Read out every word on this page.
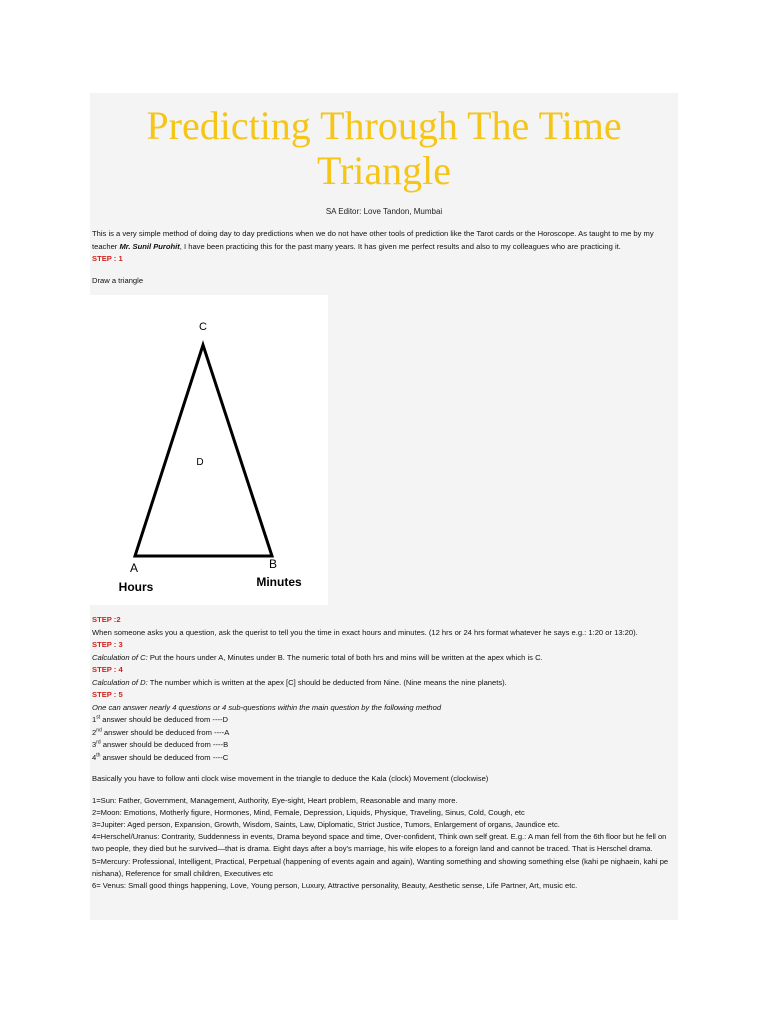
Predicting Through The Time Triangle
SA Editor: Love Tandon, Mumbai
This is a very simple method of doing day to day predictions when we do not have other tools of prediction like the Tarot cards or the Horoscope. As taught to me by my teacher Mr. Sunil Purohit, I have been practicing this for the past many years. It has given me perfect results and also to my colleagues who are practicing it.
STEP : 1
Draw a triangle
C
D
A	B
Hours	Minutes
STEP :2
When someone asks you a question, ask the querist to tell you the time in exact hours and minutes. (12 hrs or 24 hrs format whatever he says e.g.: 1:20 or 13:20).
STEP : 3
Calculation of C: Put the hours under A, Minutes under B. The numeric total of both hrs and mins will be written at the apex which is C.
STEP : 4
Calculation of D: The number which is written at the apex [C] should be deducted from Nine. (Nine means the nine planets).
STEP : 5
One can answer nearly 4 questions or 4 sub-questions within the main question by the following method
1st answer should be deduced from ----D
2nd answer should be deduced from ----A
3rd answer should be deduced from ----B
4th answer should be deduced from ----C
Basically you have to follow anti clock wise movement in the triangle to deduce the Kala (clock) Movement (clockwise)
1=Sun: Father, Government, Management, Authority, Eye-sight, Heart problem, Reasonable and many more.
2=Moon: Emotions, Motherly figure, Hormones, Mind, Female, Depression, Liquids, Physique, Traveling, Sinus, Cold, Cough, etc
3=Jupiter: Aged person, Expansion, Growth, Wisdom, Saints, Law, Diplomatic, Strict Justice, Tumors, Enlargement of organs, Jaundice etc.
4=Herschel/Uranus: Contrarity, Suddenness in events, Drama beyond space and time, Over-confident, Think own self great. E.g.: A man fell from the 6th floor but he fell on two people, they died but he survived—that is drama. Eight days after a boy's marriage, his wife elopes to a foreign land and cannot be traced. That is Herschel drama.
5=Mercury: Professional, Intelligent, Practical, Perpetual (happening of events again and again), Wanting something and showing something else (kahi pe nighaein, kahi pe nishana), Reference for small children, Executives etc
6= Venus: Small good things happening, Love, Young person, Luxury, Attractive personality, Beauty, Aesthetic sense, Life Partner, Art, music etc.
